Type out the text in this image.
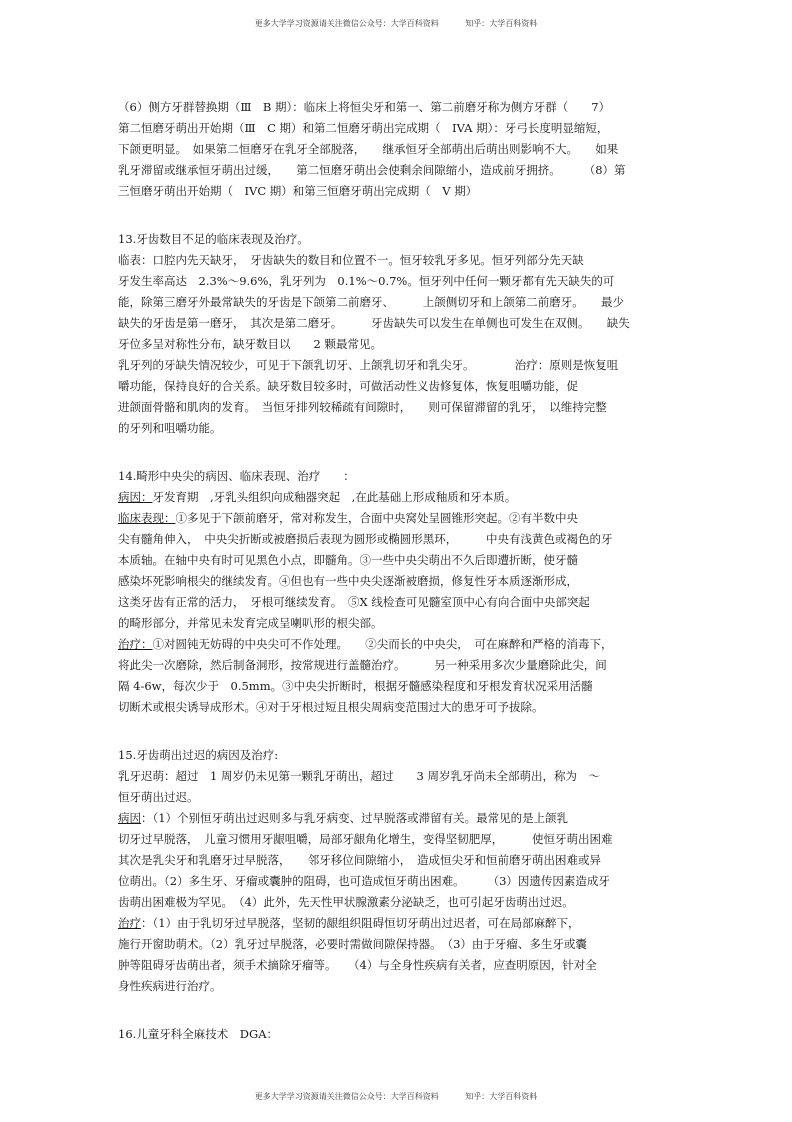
更多大学学习资源请关注微信公众号：大学百科资料	知乎：大学百科资料
（6）侧方牙群替换期（Ⅲ　B 期）：临床上将恒尖牙和第一、第二前磨牙称为侧方牙群（　　7）
第二恒磨牙萌出开始期（Ⅲ　C 期）和第二恒磨牙萌出完成期（　IVA 期）：牙弓长度明显缩短，
下颌更明显。　如果第二恒磨牙在乳牙全部脱落，　　继承恒牙全部萌出后萌出则影响不大。　　如果
乳牙滞留或继承恒牙萌出过缓，　　第二恒磨牙萌出会使剩余间隙缩小，造成前牙拥挤。　　　（8）第
三恒磨牙萌出开始期（　IVC 期）和第三恒磨牙萌出完成期（　V 期）
13.牙齿数目不足的临床表现及治疗。
临表：口腔内先天缺牙，　牙齿缺失的数目和位置不一。恒牙较乳牙多见。恒牙列部分先天缺
牙发生率高达　2.3%～9.6%，乳牙列为　0.1%～0.7%。恒牙列中任何一颗牙都有先天缺失的可
能，除第三磨牙外最常缺失的牙齿是下颌第二前磨牙、　　　上颌侧切牙和上颌第二前磨牙。　　最少
缺失的牙齿是第一磨牙，　其次是第二磨牙。　　　牙齿缺失可以发生在单侧也可发生在双侧。　　缺失
牙位多呈对称性分布，缺牙数目以　　2 颗最常见。
乳牙列的牙缺失情况较少，可见于下颌乳切牙、上颌乳切牙和乳尖牙。　　　　治疗：原则是恢复咀
嚼功能，保持良好的合关系。缺牙数目较多时，可做活动性义齿修复体，恢复咀嚼功能，促
进颌面骨骼和肌肉的发育。　当恒牙排列较稀疏有间隙时，　　则可保留滞留的乳牙，　以维持完整
的牙列和咀嚼功能。
14.畸形中央尖的病因、临床表现、治疗　　：
病因：牙发育期　,牙乳头组织向成釉器突起　,在此基础上形成釉质和牙本质。
临床表现：①多见于下颌前磨牙，常对称发生，合面中央窝处呈圆锥形突起。②有半数中央
尖有髓角伸入，　中央尖折断或被磨损后表现为圆形或椭圆形黑环，　　　中央有浅黄色或褐色的牙
本质轴。在轴中央有时可见黑色小点，即髓角。③一些中央尖萌出不久后即遭折断，使牙髓
感染坏死影响根尖的继续发育。④但也有一些中央尖逐渐被磨损，修复性牙本质逐渐形成，
这类牙齿有正常的活力，　牙根可继续发育。　⑤X 线检查可见髓室顶中心有向合面中央部突起
的畸形部分，并常见未发育完成呈喇叭形的根尖部。
治疗：①对圆钝无妨碍的中央尖可不作处理。　　②尖而长的中央尖，　可在麻醉和严格的消毒下，
将此尖一次磨除，然后制备洞形，按常规进行盖髓治疗。　　　另一种采用多次少量磨除此尖，间
隔 4-6w，每次少于　0.5mm。③中央尖折断时，根据牙髓感染程度和牙根发育状况采用活髓
切断术或根尖诱导成形术。④对于牙根过短且根尖周病变范围过大的患牙可予拔除。
15.牙齿萌出过迟的病因及治疗:
乳牙迟萌：超过　1 周岁仍未见第一颗乳牙萌出，超过　　3 周岁乳牙尚未全部萌出，称为　～
恒牙萌出过迟。
病因：（1）个别恒牙萌出过迟则多与乳牙病变、过早脱落或滞留有关。最常见的是上颌乳
切牙过早脱落，　儿童习惯用牙龈咀嚼，局部牙龈角化增生，变得坚韧肥厚，　　　使恒牙萌出困难
其次是乳尖牙和乳磨牙过早脱落，　　邻牙移位间隙缩小，　造成恒尖牙和恒前磨牙萌出困难或异
位萌出。（2）多生牙、牙瘤或囊肿的阻碍，也可造成恒牙萌出困难。　　　（3）因遗传因素造成牙
齿萌出困难极为罕见。　（4）此外，先天性甲状腺激素分泌缺乏，也可引起牙齿萌出过迟。
治疗：（1）由于乳切牙过早脱落，坚韧的龈组织阻碍恒切牙萌出过迟者，可在局部麻醉下，
施行开窗助萌术。（2）乳牙过早脱落，必要时需做间隙保持器。　（3）由于牙瘤、多生牙或囊
肿等阻碍牙齿萌出者，须手术摘除牙瘤等。　　（4）与全身性疾病有关者，应查明原因，针对全
身性疾病进行治疗。
16.儿童牙科全麻技术　DGA：
更多大学学习资源请关注微信公众号：大学百科资料	知乎：大学百科资料
